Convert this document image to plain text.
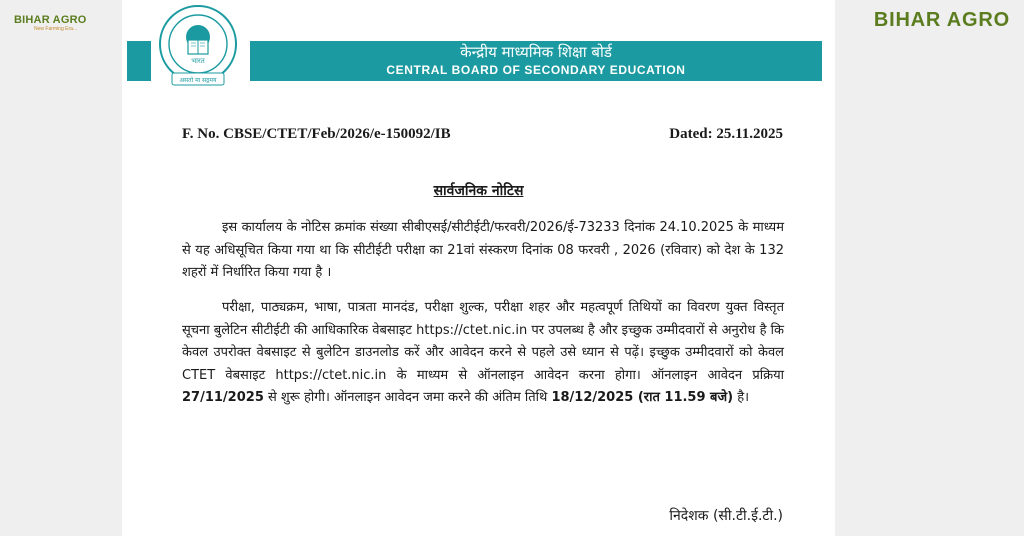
BIHAR AGRO
New Farming Era...	BIHAR AGRO
भारत
असतो मा सद्गमय
केन्द्रीय माध्यमिक शिक्षा बोर्ड
CENTRAL BOARD OF SECONDARY EDUCATION
F. No. CBSE/CTET/Feb/2026/e-150092/IB	Dated: 25.11.2025
सार्वजनिक नोटिस

इस कार्यालय के नोटिस क्रमांक संख्या सीबीएसई/सीटीईटी/फरवरी/2026/ई-73233 दिनांक 24.10.2025 के माध्यम से यह अधिसूचित किया गया था कि सीटीईटी परीक्षा का 21वां संस्करण दिनांक 08 फरवरी , 2026 (रविवार) को देश के 132 शहरों में निर्धारित किया गया है ।

परीक्षा, पाठ्यक्रम, भाषा, पात्रता मानदंड, परीक्षा शुल्क, परीक्षा शहर और महत्वपूर्ण तिथियों का विवरण युक्त विस्तृत सूचना बुलेटिन सीटीईटी की आधिकारिक वेबसाइट https://ctet.nic.in पर उपलब्ध है और इच्छुक उम्मीदवारों से अनुरोध है कि केवल उपरोक्त वेबसाइट से बुलेटिन डाउनलोड करें और आवेदन करने से पहले उसे ध्यान से पढ़ें। इच्छुक उम्मीदवारों को केवल CTET वेबसाइट https://ctet.nic.in के माध्यम से ऑनलाइन आवेदन करना होगा। ऑनलाइन आवेदन प्रक्रिया 27/11/2025 से शुरू होगी। ऑनलाइन आवेदन जमा करने की अंतिम तिथि 18/12/2025 (रात 11.59 बजे) है।

निदेशक (सी.टी.ई.टी.)
